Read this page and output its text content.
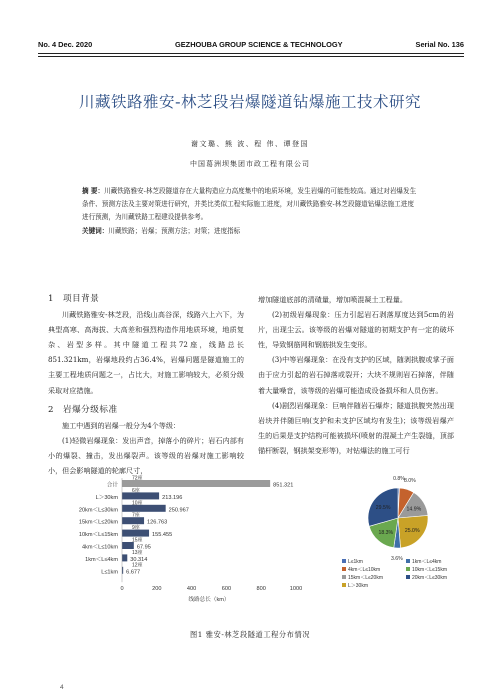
No. 4 Dec. 2020	GEZHOUBA GROUP SCIENCE & TECHNOLOGY	Serial No. 136
川藏铁路雅安-林芝段岩爆隧道钻爆施工技术研究
谢文璐、熊 波、程 伟、谭登国
中国葛洲坝集团市政工程有限公司
摘 要：川藏铁路雅安-林芝段隧道存在大量构造应力高度集中的地质环境，发生岩爆的可能性较高。通过对岩爆发生条件、预测方法及主要对策进行研究，并类比类似工程实际施工进度，对川藏铁路雅安-林芝段隧道钻爆法施工进度进行预测，为川藏铁路工程建设提供参考。
关键词：川藏铁路；岩爆；预测方法；对策；进度指标

1 项目背景

川藏铁路雅安-林芝段，沿线山高谷深，线路六上六下，为典型高寒、高海拔、大高差和强烈构造作用地质环境，地质复杂、岩型多样。其中隧道工程共72座，线路总长851.321km，岩爆地段约占36.4%，岩爆问题是隧道施工的主要工程地质问题之一，占比大，对施工影响较大，必须分级采取对应措施。

2 岩爆分级标准

施工中遇到的岩爆一般分为4个等级：

(1)轻微岩爆现象：发出声音，掉落小的碎片；岩石内部有小的爆裂、撞击，发出爆裂声。该等级的岩爆对施工影响较小，但会影响隧道的轮廓尺寸，

增加隧道底部的清碴量，增加喷混凝土工程量。

(2)初级岩爆现象：压力引起岩石剥落厚度达到5cm的岩片，出现尘云。该等级的岩爆对隧道的初期支护有一定的破坏性，导致钢筋网和钢筋拱发生变形。

(3)中等岩爆现象：在没有支护的区域，随剥拱腹或掌子面由于应力引起的岩石掉落或裂开；大块不规则岩石掉落，伴随着大量噪音，该等级的岩爆可能造成设备损坏和人员伤害。

(4)剧烈岩爆现象：巨响伴随岩石爆炸；隧道拱腹突然出现岩块并伴随巨响(支护和未支护区域均有发生)；该等级岩爆产生的后果是支护结构可能被损坏(喷射的混凝土产生裂缝，顶部锚杆断裂，钢拱架变形等)，对钻爆法的施工可行

合计
72座
851.321
L＞30km
6座
213.196
20km＜L≤30km
10座
250.967
15km＜L≤20km
7座
126.763
10km＜L≤15km
9座
155.455
4km＜L≤10km
15座
67.95
1km＜L≤4km
13座
30.314
L≤1km
12座
6.677
0	200	400	600	800	1000
线路总长（km）
0.8% 8.0%
14.9%
25.0%
3.6%
18.3%
29.5%
L≤1km
4km＜L≤10km
15km＜L≤20km
L＞30km
1km＜L≤4km
10km＜L≤15km
20km＜L≤30km
图1 雅安-林芝段隧道工程分布情况
4
